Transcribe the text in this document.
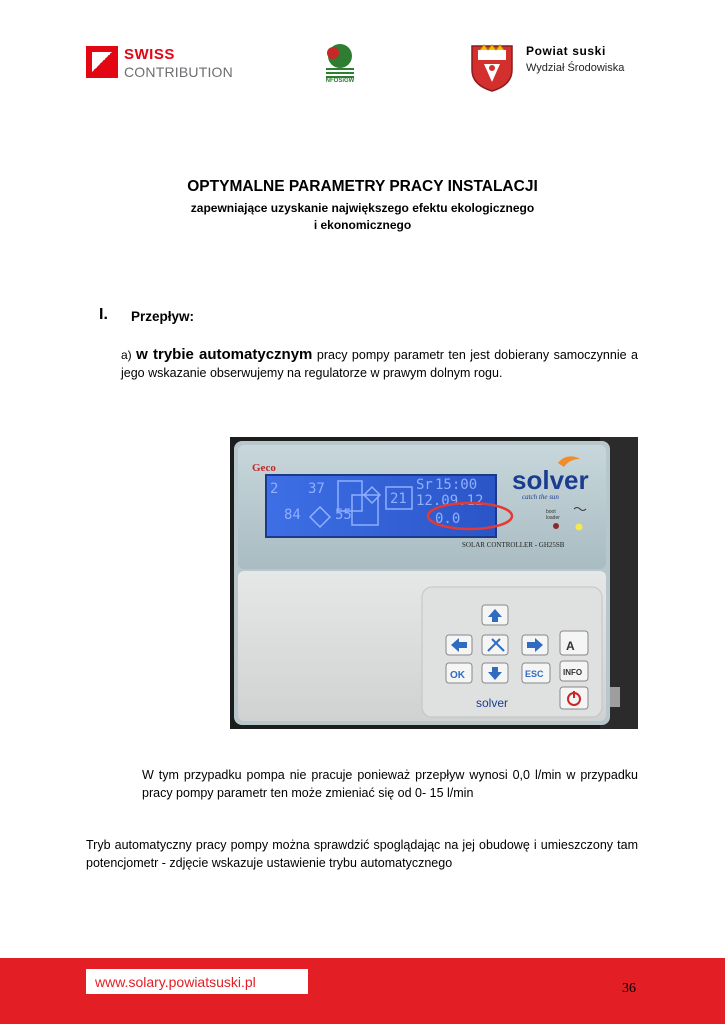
SWISS
CONTRIBUTION
NFOŚiGW
Powiat suski
Wydział Środowiska
OPTYMALNE PARAMETRY PRACY INSTALACJI
zapewniające uzyskanie największego efektu ekologicznego
i ekonomicznego
I. Przepływ:
a) w trybie automatycznym pracy pompy parametr ten jest dobierany samoczynnie a jego wskazanie obserwujemy na regulatorze w prawym dolnym rogu.
Geco
2 37
84 55
21
Sr 15:00
12.09.12
0.0
solver
catch the sun
boot
loader
SOLAR CONTROLLER - GH25SB
A
OK	ESC INFO
solver
W tym przypadku pompa nie pracuje ponieważ przepływ wynosi 0,0 l/min w przypadku pracy pompy parametr ten może zmieniać się od 0- 15 l/min
Tryb automatyczny pracy pompy można sprawdzić spoglądając na jej obudowę i umieszczony tam potencjometr - zdjęcie wskazuje ustawienie trybu automatycznego
www.solary.powiatsuski.pl	36
